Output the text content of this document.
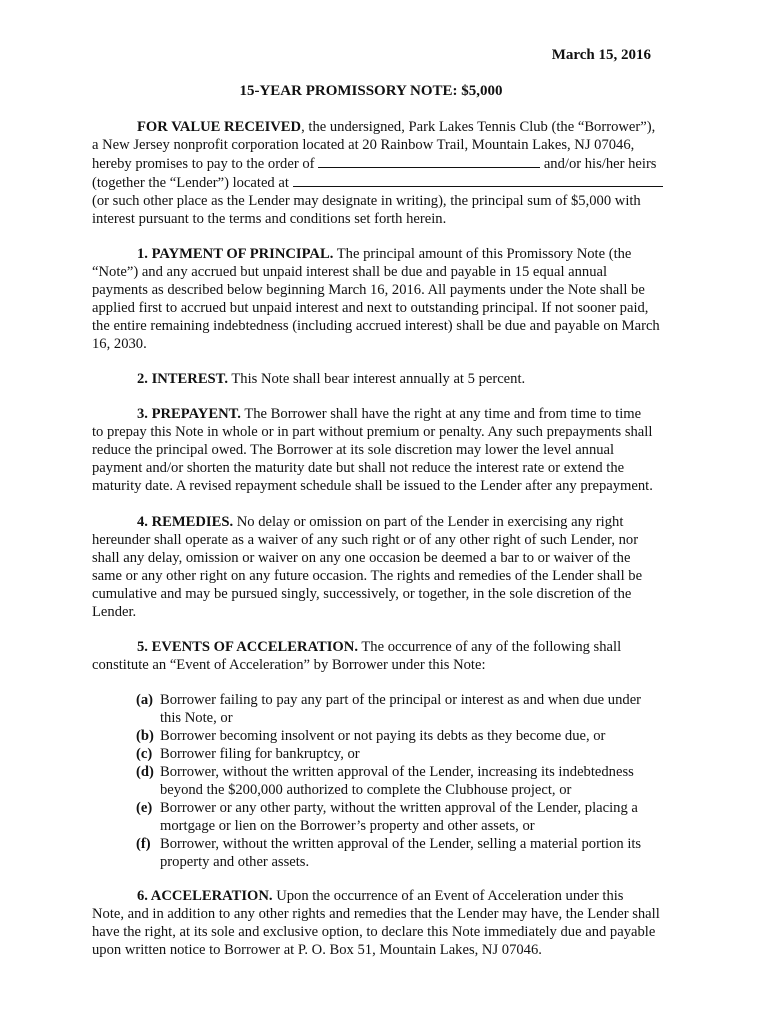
March 15, 2016
15-YEAR PROMISSORY NOTE: $5,000

FOR VALUE RECEIVED, the undersigned, Park Lakes Tennis Club (the “Borrower”),

a New Jersey nonprofit corporation located at 20 Rainbow Trail, Mountain Lakes, NJ 07046,

hereby promises to pay to the order of	and/or his/her heirs

(together the “Lender”) located at

(or such other place as the Lender may designate in writing), the principal sum of $5,000 with

interest pursuant to the terms and conditions set forth herein.

1. PAYMENT OF PRINCIPAL. The principal amount of this Promissory Note (the

“Note”) and any accrued but unpaid interest shall be due and payable in 15 equal annual

payments as described below beginning March 16, 2016. All payments under the Note shall be

applied first to accrued but unpaid interest and next to outstanding principal. If not sooner paid,

the entire remaining indebtedness (including accrued interest) shall be due and payable on March

16, 2030.

2. INTEREST. This Note shall bear interest annually at 5 percent.

3. PREPAYENT. The Borrower shall have the right at any time and from time to time

to prepay this Note in whole or in part without premium or penalty. Any such prepayments shall

reduce the principal owed. The Borrower at its sole discretion may lower the level annual

payment and/or shorten the maturity date but shall not reduce the interest rate or extend the

maturity date. A revised repayment schedule shall be issued to the Lender after any prepayment.

4. REMEDIES. No delay or omission on part of the Lender in exercising any right

hereunder shall operate as a waiver of any such right or of any other right of such Lender, nor

shall any delay, omission or waiver on any one occasion be deemed a bar to or waiver of the

same or any other right on any future occasion. The rights and remedies of the Lender shall be

cumulative and may be pursued singly, successively, or together, in the sole discretion of the

Lender.

5. EVENTS OF ACCELERATION. The occurrence of any of the following shall

constitute an “Event of Acceleration” by Borrower under this Note:

(a) Borrower failing to pay any part of the principal or interest as and when due under

this Note, or

(b) Borrower becoming insolvent or not paying its debts as they become due, or

(c) Borrower filing for bankruptcy, or

(d) Borrower, without the written approval of the Lender, increasing its indebtedness

beyond the $200,000 authorized to complete the Clubhouse project, or

(e) Borrower or any other party, without the written approval of the Lender, placing a

mortgage or lien on the Borrower’s property and other assets, or

(f) Borrower, without the written approval of the Lender, selling a material portion its

property and other assets.

6. ACCELERATION. Upon the occurrence of an Event of Acceleration under this

Note, and in addition to any other rights and remedies that the Lender may have, the Lender shall

have the right, at its sole and exclusive option, to declare this Note immediately due and payable

upon written notice to Borrower at P. O. Box 51, Mountain Lakes, NJ 07046.
